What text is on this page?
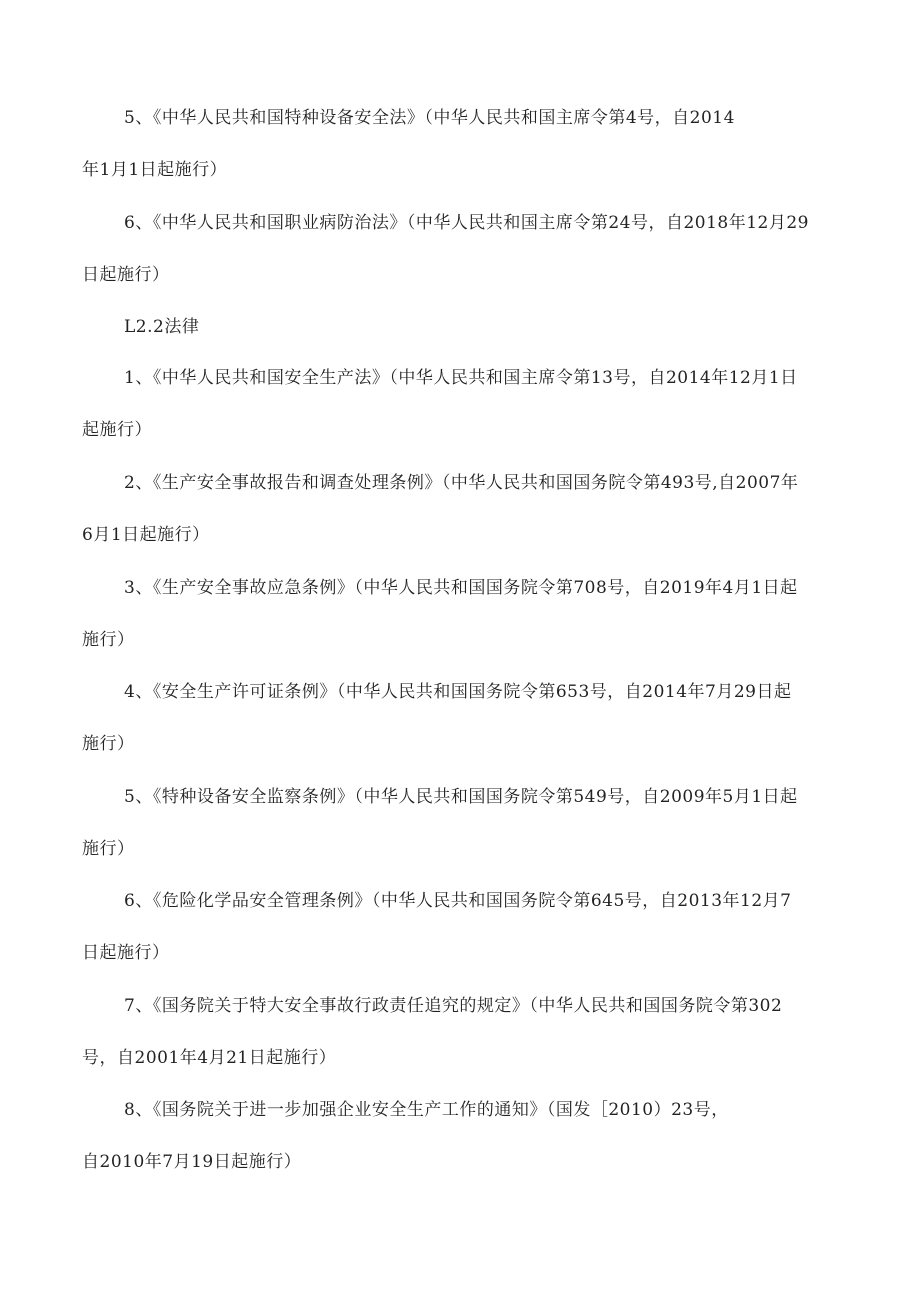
5、《中华人民共和国特种设备安全法》（中华人民共和国主席令第4号，自2014
年1月1日起施行）

6、《中华人民共和国职业病防治法》（中华人民共和国主席令第24号，自2018年12月29
日起施行）

L2.2法律

1、《中华人民共和国安全生产法》（中华人民共和国主席令第13号，自2014年12月1日
起施行）

2、《生产安全事故报告和调查处理条例》（中华人民共和国国务院令第493号,自2007年
6月1日起施行）

3、《生产安全事故应急条例》（中华人民共和国国务院令第708号，自2019年4月1日起
施行）

4、《安全生产许可证条例》（中华人民共和国国务院令第653号，自2014年7月29日起
施行）

5、《特种设备安全监察条例》（中华人民共和国国务院令第549号，自2009年5月1日起
施行）

6、《危险化学品安全管理条例》（中华人民共和国国务院令第645号，自2013年12月7
日起施行）

7、《国务院关于特大安全事故行政责任追究的规定》（中华人民共和国国务院令第302
号，自2001年4月21日起施行）

8、《国务院关于进一步加强企业安全生产工作的通知》（国发［2010）23号，
自2010年7月19日起施行）
